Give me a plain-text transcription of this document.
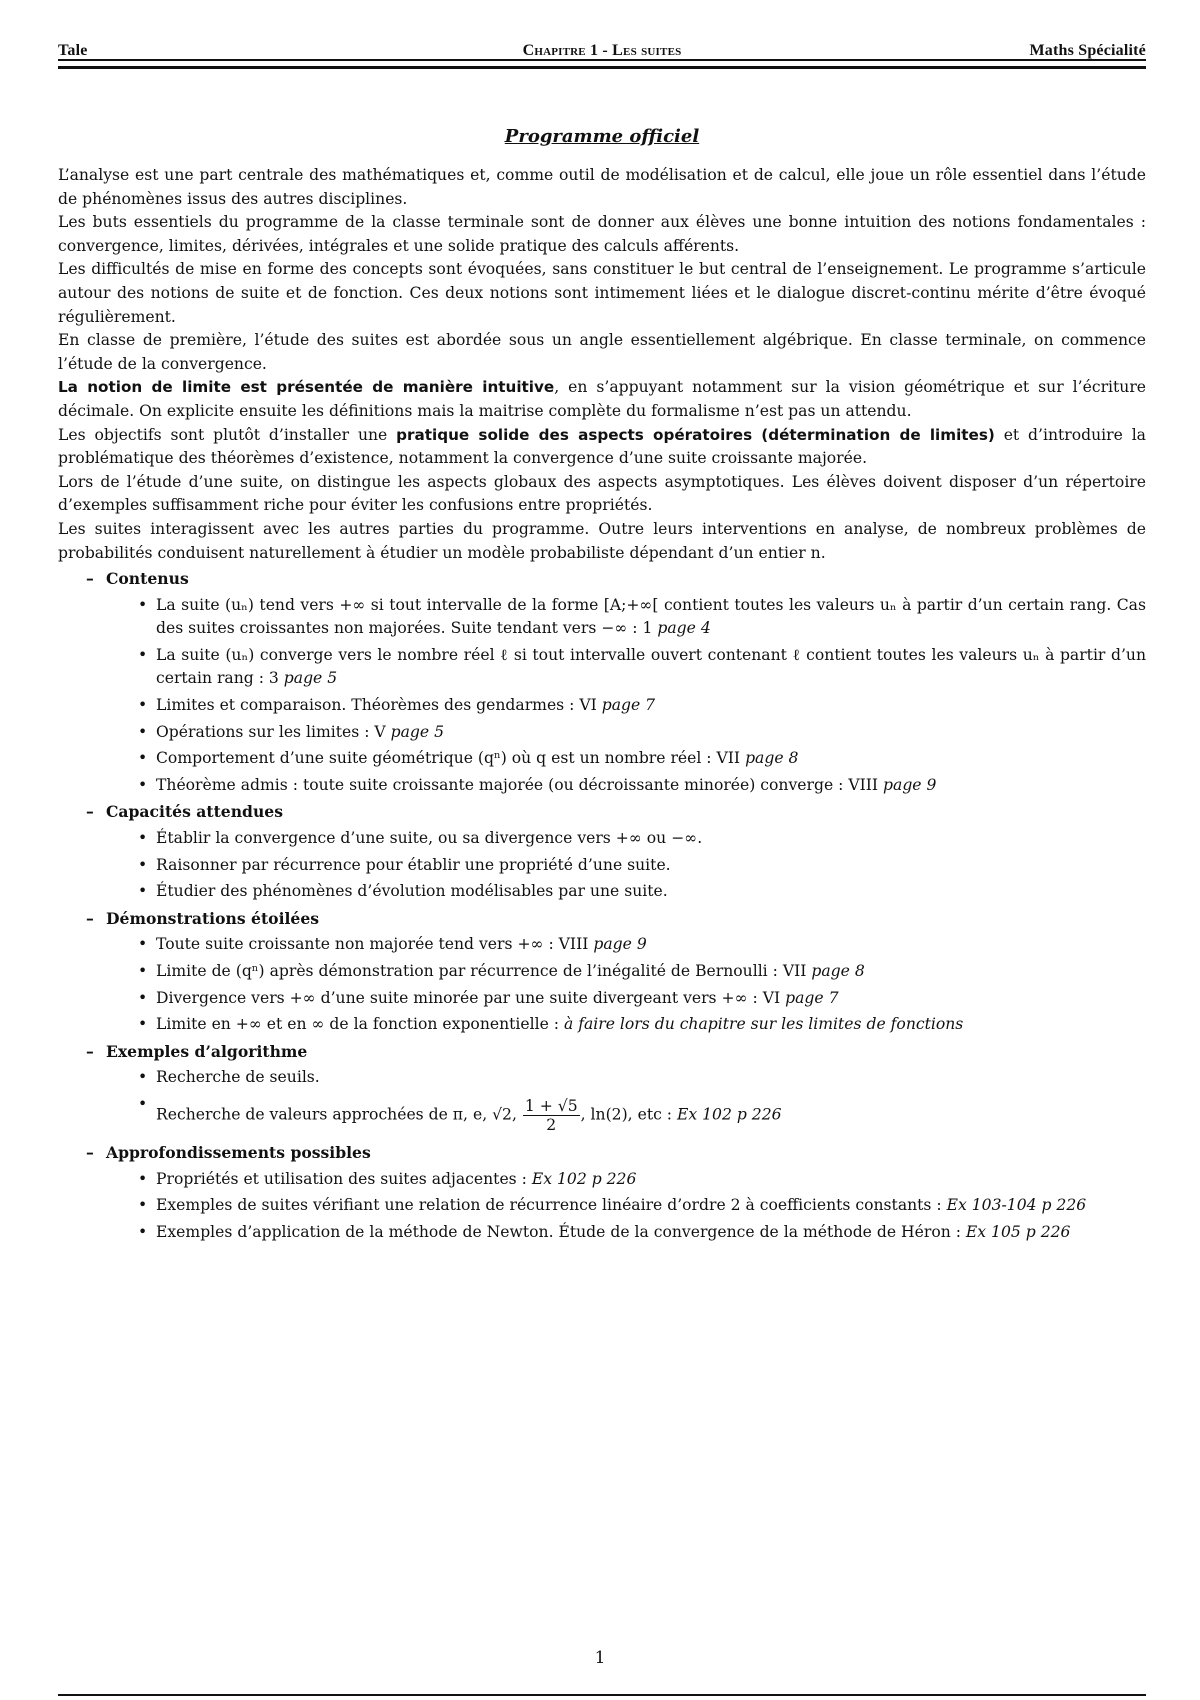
Tale	Chapitre 1 - Les suites	Maths Spécialité
Programme officiel

L’analyse est une part centrale des mathématiques et, comme outil de modélisation et de calcul, elle joue un rôle essentiel dans l’étude de phénomènes issus des autres disciplines.

Les buts essentiels du programme de la classe terminale sont de donner aux élèves une bonne intuition des notions fondamentales : convergence, limites, dérivées, intégrales et une solide pratique des calculs afférents.

Les difficultés de mise en forme des concepts sont évoquées, sans constituer le but central de l’enseignement. Le programme s’articule autour des notions de suite et de fonction. Ces deux notions sont intimement liées et le dialogue discret-continu mérite d’être évoqué régulièrement.

En classe de première, l’étude des suites est abordée sous un angle essentiellement algébrique. En classe terminale, on commence l’étude de la convergence.

La notion de limite est présentée de manière intuitive, en s’appuyant notamment sur la vision géométrique et sur l’écriture décimale. On explicite ensuite les définitions mais la maitrise complète du formalisme n’est pas un attendu.

Les objectifs sont plutôt d’installer une pratique solide des aspects opératoires (détermination de limites) et d’introduire la problématique des théorèmes d’existence, notamment la convergence d’une suite croissante majorée.

Lors de l’étude d’une suite, on distingue les aspects globaux des aspects asymptotiques. Les élèves doivent disposer d’un répertoire d’exemples suffisamment riche pour éviter les confusions entre propriétés.

Les suites interagissent avec les autres parties du programme. Outre leurs interventions en analyse, de nombreux problèmes de probabilités conduisent naturellement à étudier un modèle probabiliste dépendant d’un entier n.

– Contenus
• La suite (uₙ) tend vers +∞ si tout intervalle de la forme [A;+∞[ contient toutes les valeurs uₙ à partir d’un certain rang. Cas des suites croissantes non majorées. Suite tendant vers −∞ : 1 page 4
• La suite (uₙ) converge vers le nombre réel ℓ si tout intervalle ouvert contenant ℓ contient toutes les valeurs uₙ à partir d’un certain rang : 3 page 5
• Limites et comparaison. Théorèmes des gendarmes : VI page 7
• Opérations sur les limites : V page 5
• Comportement d’une suite géométrique (qⁿ) où q est un nombre réel : VII page 8
• Théorème admis : toute suite croissante majorée (ou décroissante minorée) converge : VIII page 9
– Capacités attendues
• Établir la convergence d’une suite, ou sa divergence vers +∞ ou −∞.
• Raisonner par récurrence pour établir une propriété d’une suite.
• Étudier des phénomènes d’évolution modélisables par une suite.
– Démonstrations étoilées
• Toute suite croissante non majorée tend vers +∞ : VIII page 9
• Limite de (qⁿ) après démonstration par récurrence de l’inégalité de Bernoulli : VII page 8
• Divergence vers +∞ d’une suite minorée par une suite divergeant vers +∞ : VI page 7
• Limite en +∞ et en ∞ de la fonction exponentielle : à faire lors du chapitre sur les limites de fonctions
– Exemples d’algorithme
• Recherche de seuils.
• Recherche de valeurs approchées de π, e, √2, $\frac{1 + √5}{2}$ , ln(2), etc : Ex 102 p 226
– Approfondissements possibles
• Propriétés et utilisation des suites adjacentes : Ex 102 p 226
• Exemples de suites vérifiant une relation de récurrence linéaire d’ordre 2 à coefficients constants : Ex 103-104 p 226
• Exemples d’application de la méthode de Newton. Étude de la convergence de la méthode de Héron : Ex 105 p 226
1
